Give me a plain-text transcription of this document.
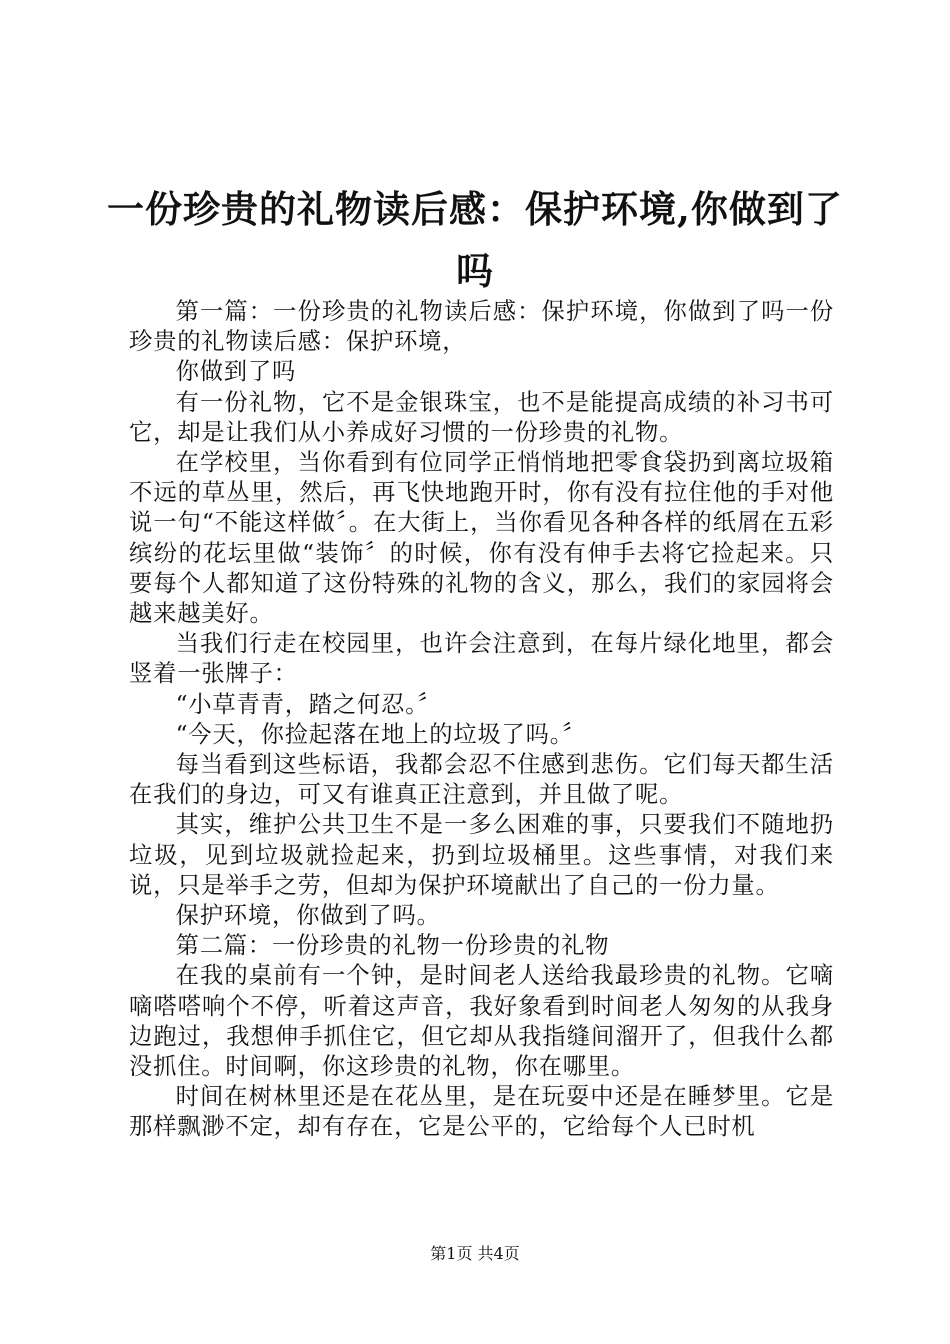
一份珍贵的礼物读后感：保护环境,你做到了吗

第一篇：一份珍贵的礼物读后感：保护环境，你做到了吗一份珍贵的礼物读后感：保护环境，

你做到了吗

有一份礼物，它不是金银珠宝，也不是能提高成绩的补习书可它，却是让我们从小养成好习惯的一份珍贵的礼物。

在学校里，当你看到有位同学正悄悄地把零食袋扔到离垃圾箱不远的草丛里，然后，再飞快地跑开时，你有没有拉住他的手对他说一句“不能这样做〞。在大街上，当你看见各种各样的纸屑在五彩缤纷的花坛里做“装饰〞的时候，你有没有伸手去将它捡起来。只要每个人都知道了这份特殊的礼物的含义，那么，我们的家园将会越来越美好。

当我们行走在校园里，也许会注意到，在每片绿化地里，都会竖着一张牌子：

“小草青青，踏之何忍。〞

“今天，你捡起落在地上的垃圾了吗。〞

每当看到这些标语，我都会忍不住感到悲伤。它们每天都生活在我们的身边，可又有谁真正注意到，并且做了呢。

其实，维护公共卫生不是一多么困难的事，只要我们不随地扔垃圾，见到垃圾就捡起来，扔到垃圾桶里。这些事情，对我们来说，只是举手之劳，但却为保护环境献出了自己的一份力量。

保护环境，你做到了吗。

第二篇：一份珍贵的礼物一份珍贵的礼物

在我的桌前有一个钟，是时间老人送给我最珍贵的礼物。它嘀嘀嗒嗒响个不停，听着这声音，我好象看到时间老人匆匆的从我身边跑过，我想伸手抓住它，但它却从我指缝间溜开了，但我什么都没抓住。时间啊，你这珍贵的礼物，你在哪里。

时间在树林里还是在花丛里，是在玩耍中还是在睡梦里。它是那样飘渺不定，却有存在，它是公平的，它给每个人已时机

第1页 共4页
